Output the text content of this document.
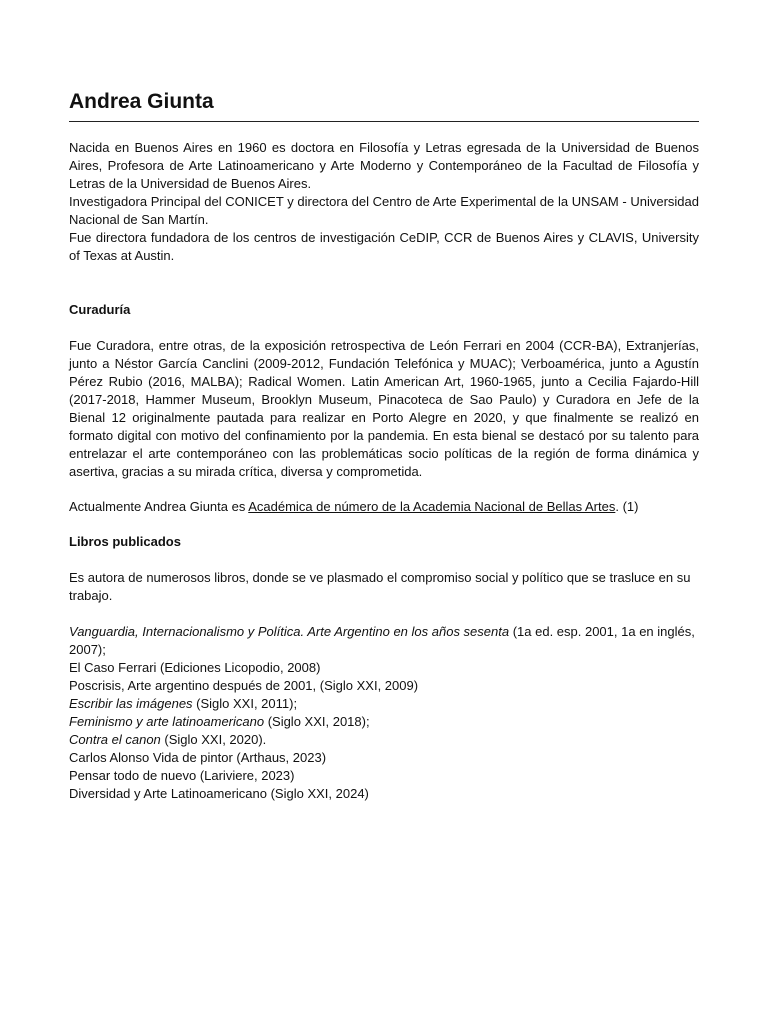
Andrea Giunta

Nacida en Buenos Aires en 1960 es doctora en Filosofía y Letras egresada de la Universidad de Buenos Aires, Profesora de Arte Latinoamericano y Arte Moderno y Contemporáneo de la Facultad de Filosofía y Letras de la Universidad de Buenos Aires.

Investigadora Principal del CONICET y directora del Centro de Arte Experimental de la UNSAM - Universidad Nacional de San Martín.

Fue directora fundadora de los centros de investigación CeDIP, CCR de Buenos Aires y CLAVIS, University of Texas at Austin.

Curaduría

Fue Curadora, entre otras, de la exposición retrospectiva de León Ferrari en 2004 (CCR-BA), Extranjerías, junto a Néstor García Canclini (2009-2012, Fundación Telefónica y MUAC); Verboamérica, junto a Agustín Pérez Rubio (2016, MALBA); Radical Women. Latin American Art, 1960-1965, junto a Cecilia Fajardo-Hill (2017-2018, Hammer Museum, Brooklyn Museum, Pinacoteca de Sao Paulo) y Curadora en Jefe de la Bienal 12 originalmente pautada para realizar en Porto Alegre en 2020, y que finalmente se realizó en formato digital con motivo del confinamiento por la pandemia. En esta bienal se destacó por su talento para entrelazar el arte contemporáneo con las problemáticas socio políticas de la región de forma dinámica y asertiva, gracias a su mirada crítica, diversa y comprometida.

Actualmente Andrea Giunta es Académica de número de la Academia Nacional de Bellas Artes. (1)

Libros publicados

Es autora de numerosos libros, donde se ve plasmado el compromiso social y político que se trasluce en su trabajo.

Vanguardia, Internacionalismo y Política. Arte Argentino en los años sesenta (1a ed. esp. 2001, 1a en inglés, 2007);
El Caso Ferrari (Ediciones Licopodio, 2008)
Poscrisis, Arte argentino después de 2001, (Siglo XXI, 2009)
Escribir las imágenes (Siglo XXI, 2011);
Feminismo y arte latinoamericano (Siglo XXI, 2018);
Contra el canon (Siglo XXI, 2020).
Carlos Alonso Vida de pintor (Arthaus, 2023)
Pensar todo de nuevo (Lariviere, 2023)
Diversidad y Arte Latinoamericano (Siglo XXI, 2024)
